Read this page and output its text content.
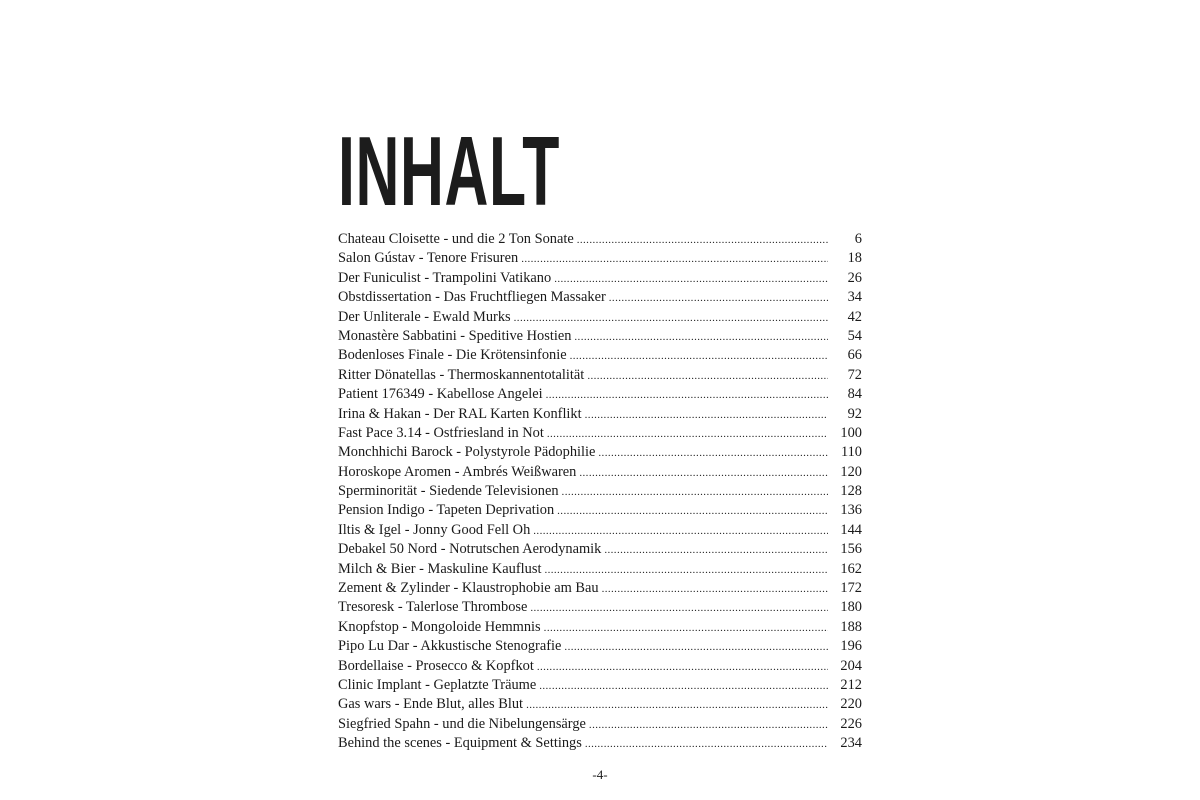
INHALT
Chateau Cloisette - und die 2 Ton Sonate .....	6
Salon Gústav - Tenore Frisuren .....	18
Der Funiculist - Trampolini Vatikano .....	26
Obstdissertation - Das Fruchtfliegen Massaker .....	34
Der Unliterale - Ewald Murks .....	42
Monastère Sabbatini - Speditive Hostien .....	54
Bodenloses Finale - Die Krötensinfonie .....	66
Ritter Dönatellas - Thermoskannentotalität .....	72
Patient 176349 - Kabellose Angelei .....	84
Irina & Hakan - Der RAL Karten Konflikt .....	92
Fast Pace 3.14 - Ostfriesland in Not .....	100
Monchhichi Barock - Polystyrole Pädophilie .....	110
Horoskope Aromen - Ambrés Weißwaren .....	120
Sperminorität - Siedende Televisionen .....	128
Pension Indigo - Tapeten Deprivation .....	136
Iltis & Igel - Jonny Good Fell Oh .....	144
Debakel 50 Nord - Notrutschen Aerodynamik .....	156
Milch & Bier - Maskuline Kauflust .....	162
Zement & Zylinder - Klaustrophobie am Bau .....	172
Tresoresk - Talerlose Thrombose .....	180
Knopfstop - Mongoloide Hemmnis .....	188
Pipo Lu Dar - Akkustische Stenografie .....	196
Bordellaise - Prosecco & Kopfkot .....	204
Clinic Implant - Geplatzte Träume .....	212
Gas wars - Ende Blut, alles Blut .....	220
Siegfried Spahn - und die Nibelungensärge .....	226
Behind the scenes - Equipment & Settings .....	234
-4-
